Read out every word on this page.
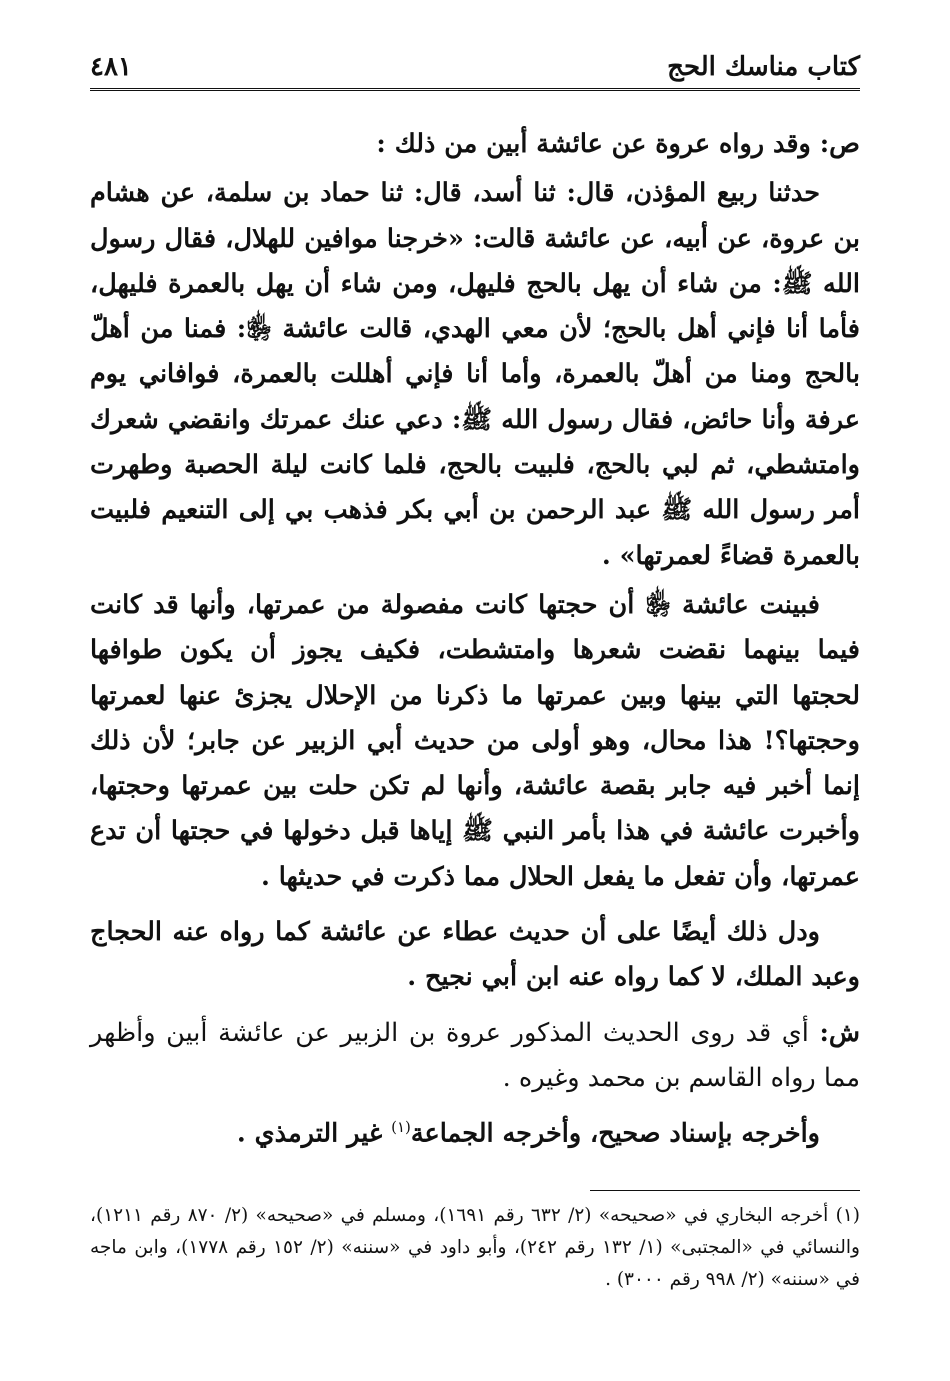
كتاب مناسك الحج
٤٨١

ص: وقد رواه عروة عن عائشة أبين من ذلك :

حدثنا ربيع المؤذن، قال: ثنا أسد، قال: ثنا حماد بن سلمة، عن هشام بن عروة، عن أبيه، عن عائشة قالت: «خرجنا موافين للهلال، فقال رسول الله ﷺ: من شاء أن يهل بالحج فليهل، ومن شاء أن يهل بالعمرة فليهل، فأما أنا فإني أهل بالحج؛ لأن معي الهدي، قالت عائشة ﵂: فمنا من أهلّ بالحج ومنا من أهلّ بالعمرة، وأما أنا فإني أهللت بالعمرة، فوافاني يوم عرفة وأنا حائض، فقال رسول الله ﷺ: دعي عنك عمرتك وانقضي شعرك وامتشطي، ثم لبي بالحج، فلبيت بالحج، فلما كانت ليلة الحصبة وطهرت أمر رسول الله ﷺ عبد الرحمن بن أبي بكر فذهب بي إلى التنعيم فلبيت بالعمرة قضاءً لعمرتها» .

فبينت عائشة ﵂ أن حجتها كانت مفصولة من عمرتها، وأنها قد كانت فيما بينهما نقضت شعرها وامتشطت، فكيف يجوز أن يكون طوافها لحجتها التي بينها وبين عمرتها ما ذكرنا من الإحلال يجزئ عنها لعمرتها وحجتها؟! هذا محال، وهو أولى من حديث أبي الزبير عن جابر؛ لأن ذلك إنما أخبر فيه جابر بقصة عائشة، وأنها لم تكن حلت بين عمرتها وحجتها، وأخبرت عائشة في هذا بأمر النبي ﷺ إياها قبل دخولها في حجتها أن تدع عمرتها، وأن تفعل ما يفعل الحلال مما ذكرت في حديثها .

ودل ذلك أيضًا على أن حديث عطاء عن عائشة كما رواه عنه الحجاج وعبد الملك، لا كما رواه عنه ابن أبي نجيح .

ش: أي قد روى الحديث المذكور عروة بن الزبير عن عائشة أبين وأظهر مما رواه القاسم بن محمد وغيره .

وأخرجه بإسناد صحيح، وأخرجه الجماعة$^{(١)}$ غير الترمذي .

(١) أخرجه البخاري في «صحيحه» (٢/ ٦٣٢ رقم ١٦٩١)، ومسلم في «صحيحه» (٢/ ٨٧٠ رقم ١٢١١)، والنسائي في «المجتبى» (١/ ١٣٢ رقم ٢٤٢)، وأبو داود في «سننه» (٢/ ١٥٢ رقم ١٧٧٨)، وابن ماجه في «سننه» (٢/ ٩٩٨ رقم ٣٠٠٠) .
